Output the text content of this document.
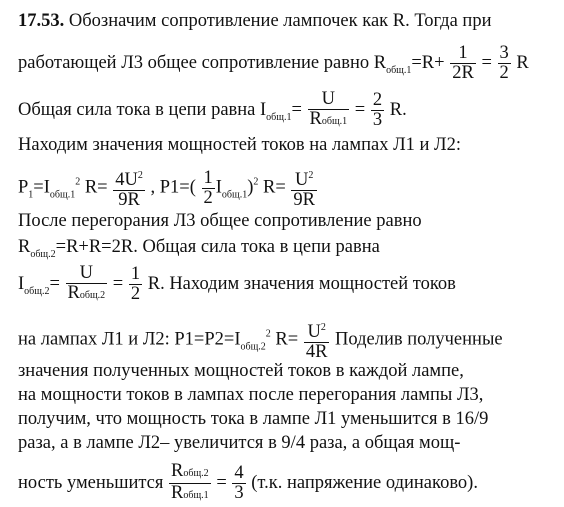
17.53. Обозначим сопротивление лампочек как R. Тогда при
работающей Л3 общее сопротивление равно $R_{общ.1}=R+ \frac{1}{2R} = \frac{3}{2}$ R
Общая сила тока в цепи равна $I_{общ.1}= \frac{U}{\text{Rобщ.1}} = \frac{2}{3} R$.
Находим значения мощностей токов на лампах Л1 и Л2:
$P_1=I_{общ.1}^2$ $R= \frac{4U^2}{9R}$ , $P1=( \frac{1}{2} I_{общ.1})^2$ $R= \frac{U^2}{9R}$
После перегорания Л3 общее сопротивление равно
$R_{общ.2}=R+R=2R$. Общая сила тока в цепи равна
$I_{общ.2}= \frac{U}{\text{Rобщ.2}} = \frac{1}{2} R$. Находим значения мощностей токов
на лампах Л1 и Л2: $P1=P2=I_{общ.2}^2$ $R= \frac{U^2}{4R}$ Поделив полученные
значения полученных мощностей токов в каждой лампе,
на мощности токов в лампах после перегорания лампы Л3,
получим, что мощность тока в лампе Л1 уменьшится в 16/9
раза, а в лампе Л2– увеличится в 9/4 раза, а общая мощ-
ность уменьшится $\frac{\text{Rобщ.2}}{\text{Rобщ.1}} = \frac{4}{3} (т.к$. напряжение одинаково).
